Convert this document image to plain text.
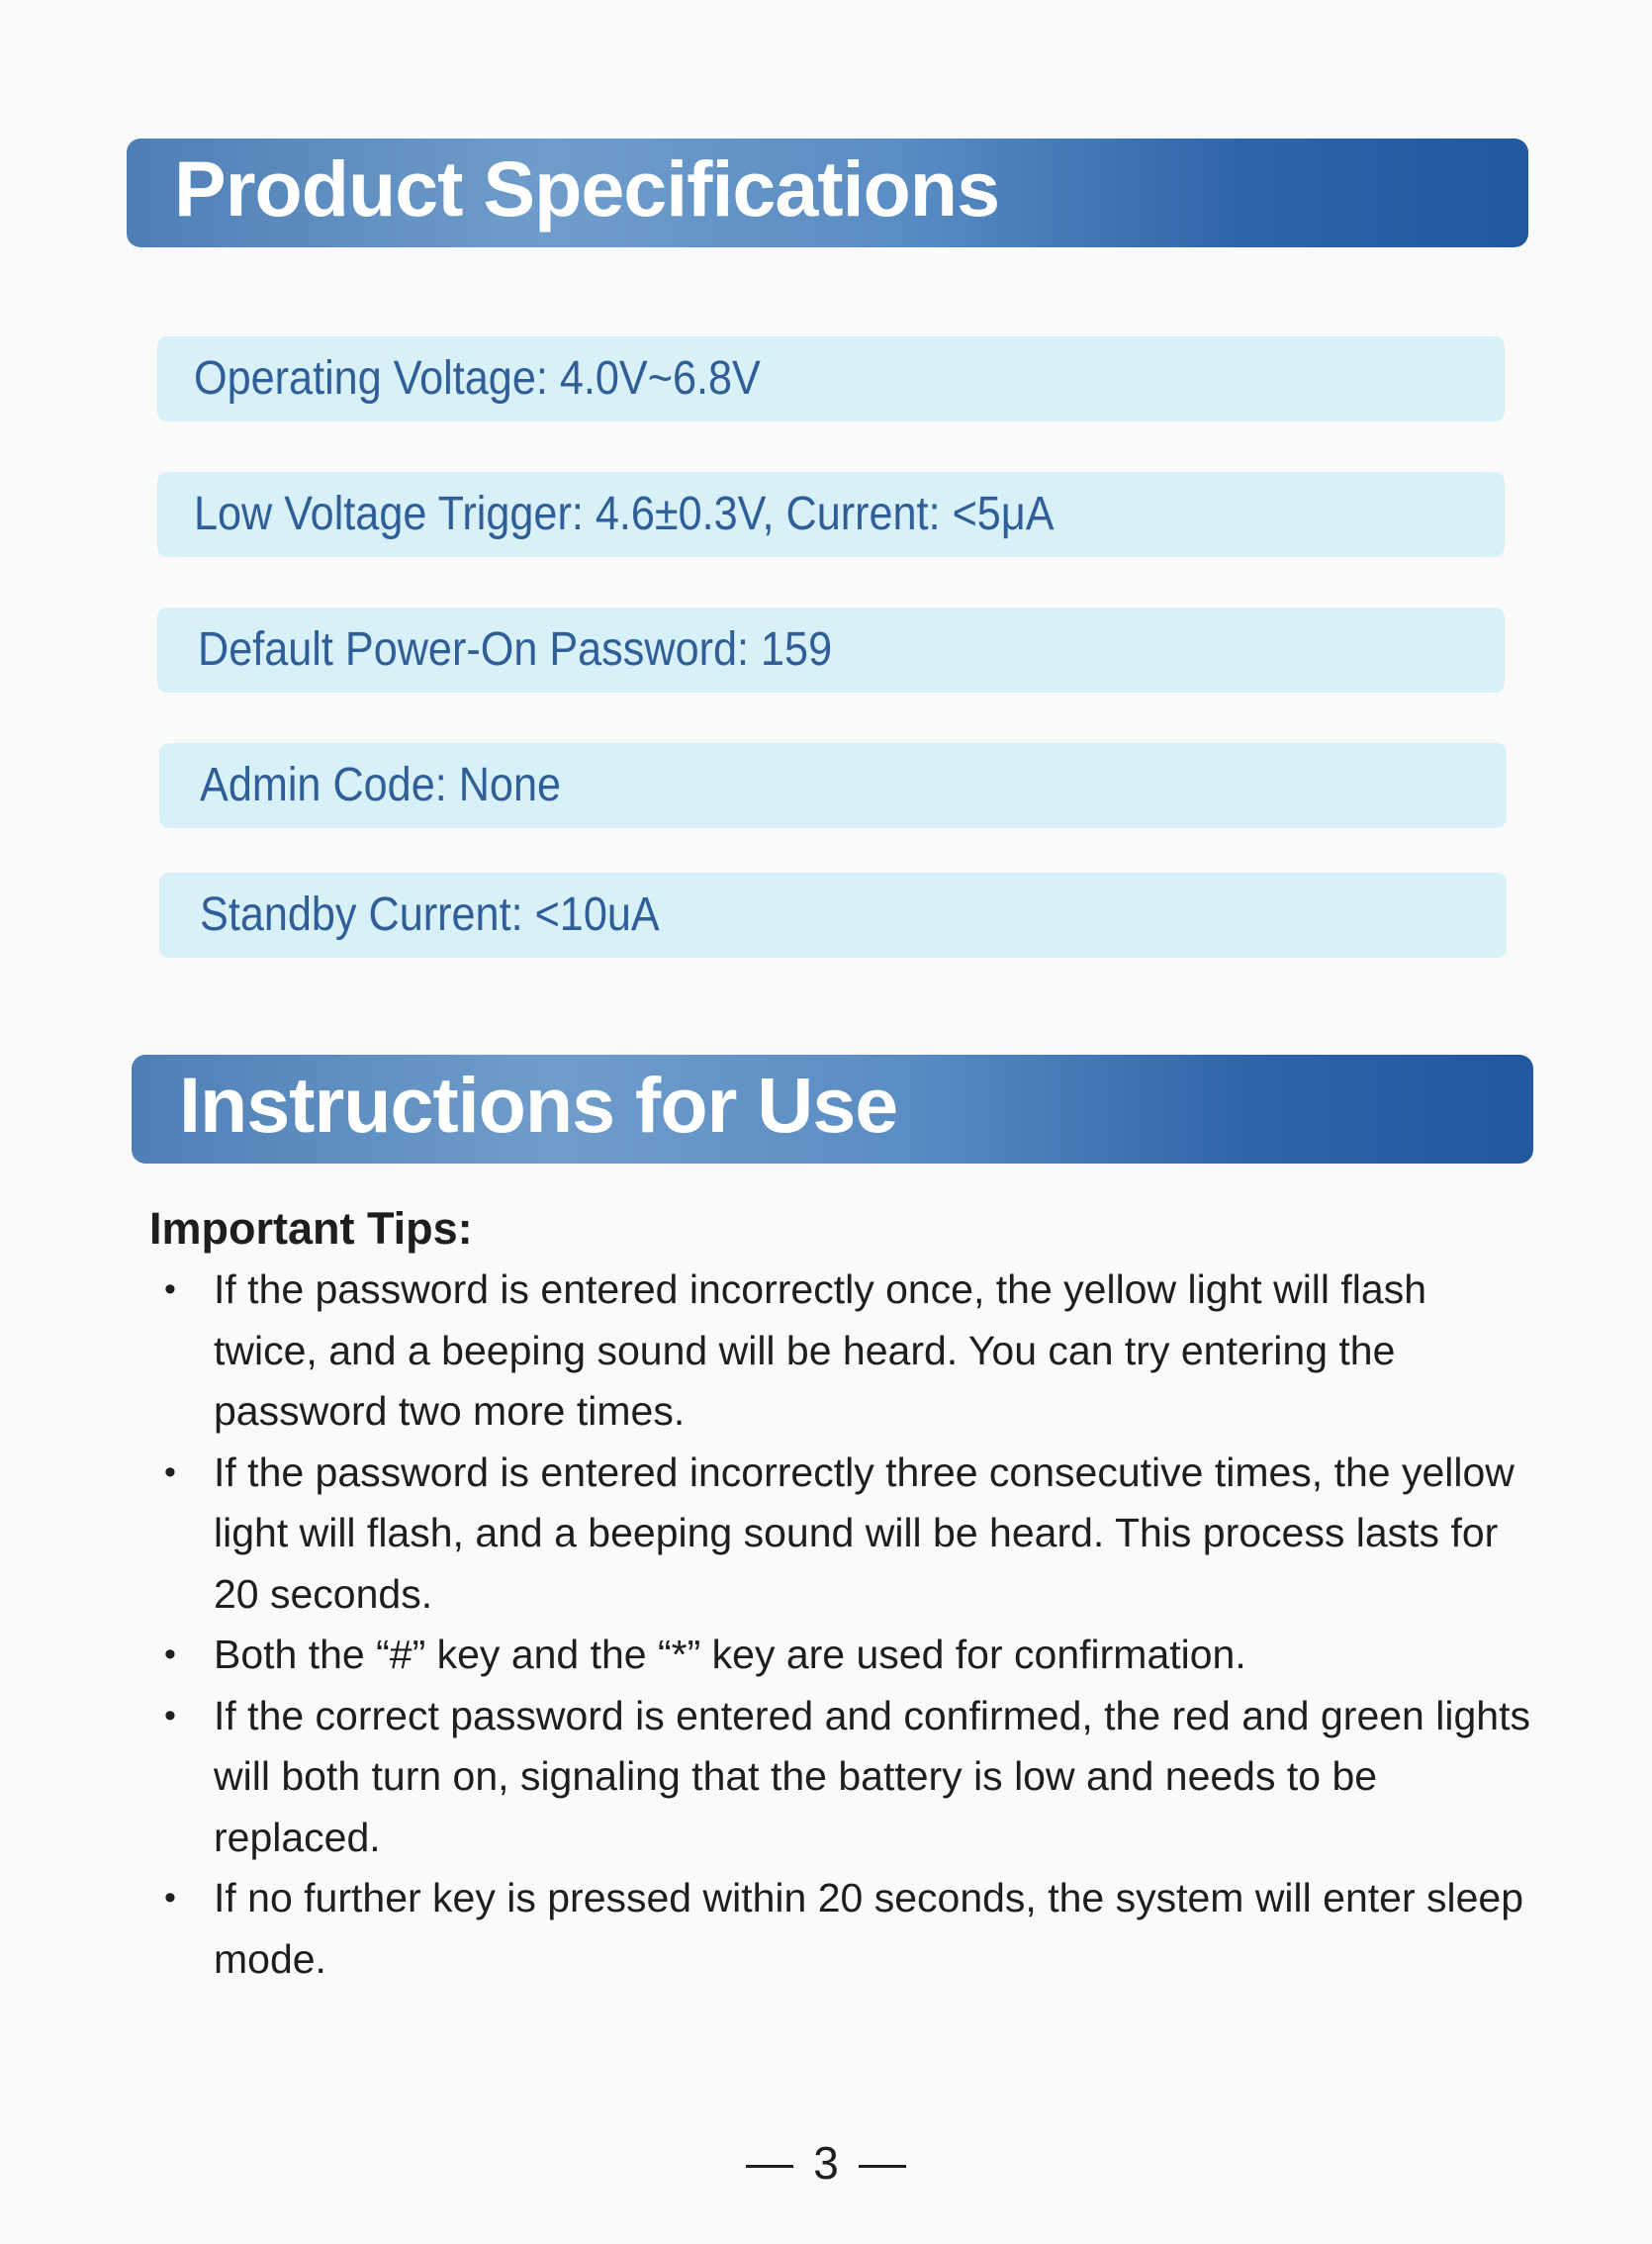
Product Specifications
Operating Voltage: 4.0V~6.8V
Low Voltage Trigger: 4.6±0.3V, Current: <5μA
Default Power-On Password: 159
Admin Code: None
Standby Current: <10uA
Instructions for Use
Important Tips:
• If the password is entered incorrectly once, the yellow light will flash twice, and a beeping sound will be heard. You can try entering the password two more times.
• If the password is entered incorrectly three consecutive times, the yellow light will flash, and a beeping sound will be heard. This process lasts for 20 seconds.
• Both the “#” key and the “*” key are used for confirmation.
• If the correct password is entered and confirmed, the red and green lights will both turn on, signaling that the battery is low and needs to be replaced.
• If no further key is pressed within 20 seconds, the system will enter sleep mode.
3
